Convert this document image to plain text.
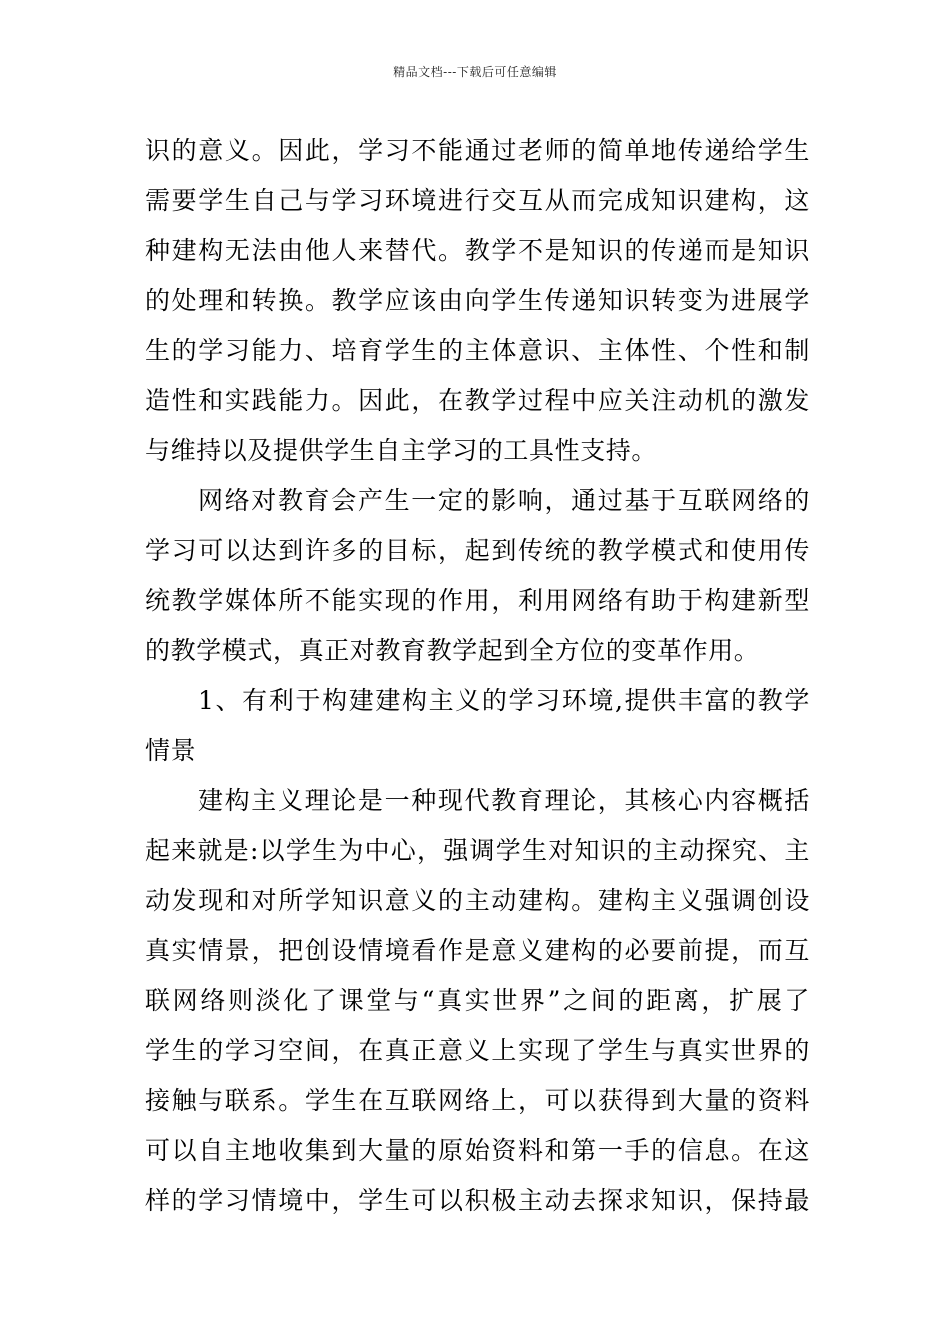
精品文档---下载后可任意编辑
识的意义。因此，学习不能通过老师的简单地传递给学生
需要学生自己与学习环境进行交互从而完成知识建构，这
种建构无法由他人来替代。教学不是知识的传递而是知识
的处理和转换。教学应该由向学生传递知识转变为进展学
生的学习能力、培育学生的主体意识、主体性、个性和制
造性和实践能力。因此，在教学过程中应关注动机的激发
与维持以及提供学生自主学习的工具性支持。
网络对教育会产生一定的影响，通过基于互联网络的
学习可以达到许多的目标，起到传统的教学模式和使用传
统教学媒体所不能实现的作用，利用网络有助于构建新型
的教学模式，真正对教育教学起到全方位的变革作用。
1、有利于构建建构主义的学习环境,提供丰富的教学
情景
建构主义理论是一种现代教育理论，其核心内容概括
起来就是:以学生为中心，强调学生对知识的主动探究、主
动发现和对所学知识意义的主动建构。建构主义强调创设
真实情景，把创设情境看作是意义建构的必要前提，而互
联网络则淡化了课堂与“真实世界”之间的距离，扩展了
学生的学习空间，在真正意义上实现了学生与真实世界的
接触与联系。学生在互联网络上，可以获得到大量的资料
可以自主地收集到大量的原始资料和第一手的信息。在这
样的学习情境中，学生可以积极主动去探求知识，保持最
